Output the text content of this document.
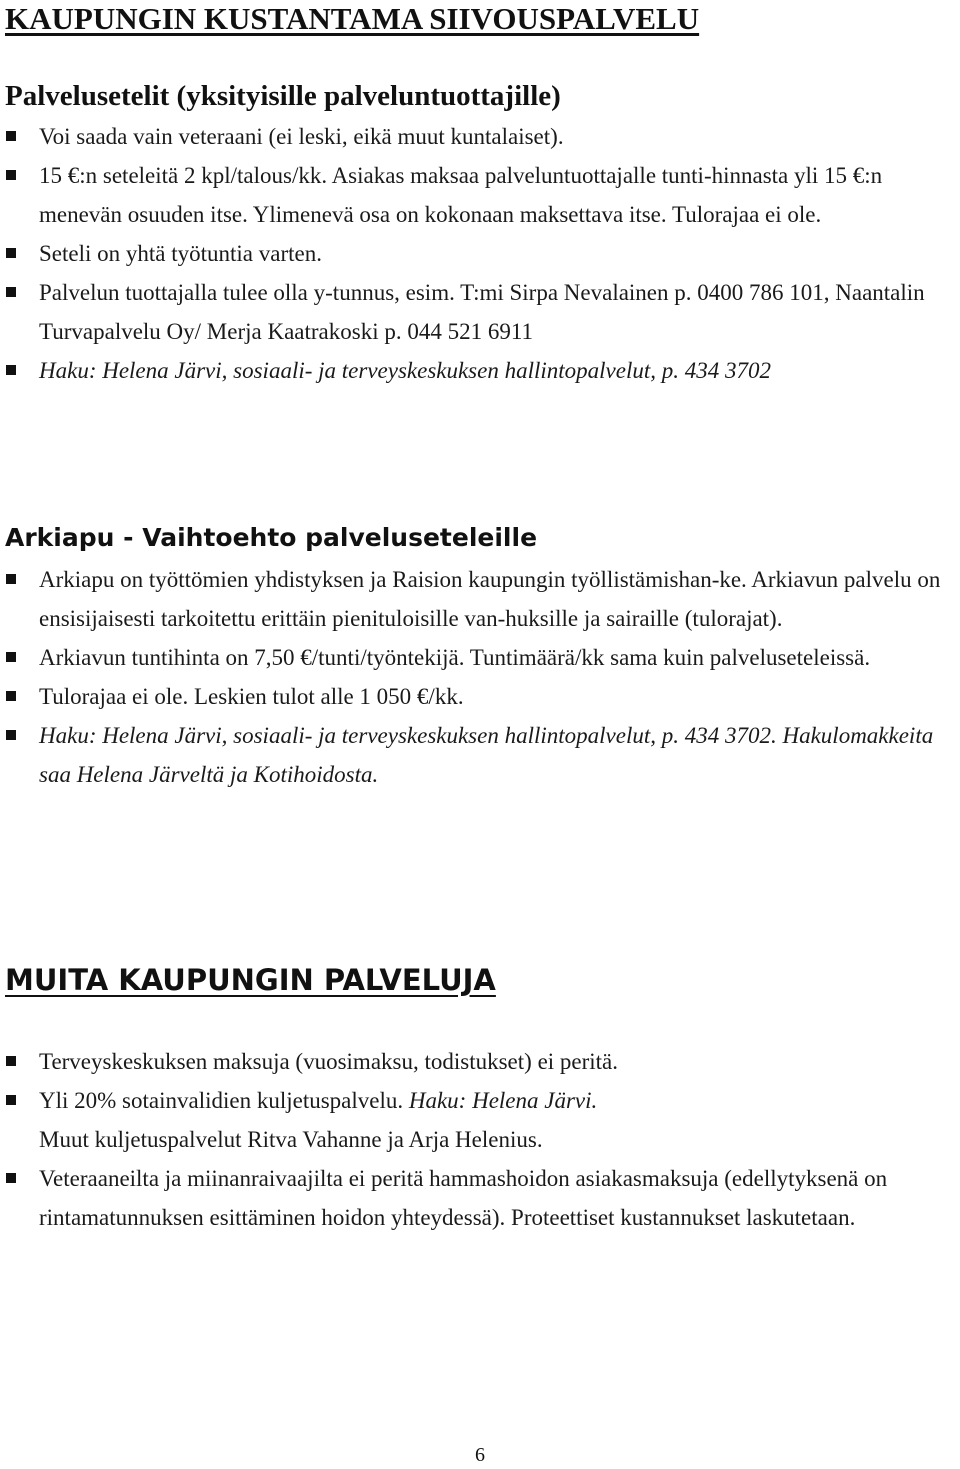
KAUPUNGIN KUSTANTAMA SIIVOUSPALVELU
Palvelusetelit (yksityisille palveluntuottajille)
Voi saada vain veteraani (ei leski, eikä muut kuntalaiset).
15 €:n seteleitä 2 kpl/talous/kk. Asiakas maksaa palveluntuottajalle tunti-hinnasta yli 15 €:n menevän osuuden itse. Ylimenevä osa on kokonaan maksettava itse. Tulorajaa ei ole.
Seteli on yhtä työtuntia varten.
Palvelun tuottajalla tulee olla y-tunnus, esim. T:mi Sirpa Nevalainen p. 0400 786 101, Naantalin Turvapalvelu Oy/ Merja Kaatrakoski p. 044 521 6911
Haku: Helena Järvi, sosiaali- ja terveyskeskuksen hallintopalvelut, p. 434 3702
Arkiapu - Vaihtoehto palveluseteleille
Arkiapu on työttömien yhdistyksen ja Raision kaupungin työllistämishan-ke. Arkiavun palvelu on ensisijaisesti tarkoitettu erittäin pienituloisille van-huksille ja sairaille (tulorajat).
Arkiavun tuntihinta on 7,50 €/tunti/työntekijä. Tuntimäärä/kk sama kuin palveluseteleissä.
Tulorajaa ei ole. Leskien tulot alle 1 050 €/kk.
Haku: Helena Järvi, sosiaali- ja terveyskeskuksen hallintopalvelut, p. 434 3702. Hakulomakkeita saa Helena Järveltä ja Kotihoidosta.
MUITA KAUPUNGIN PALVELUJA
Terveyskeskuksen maksuja (vuosimaksu, todistukset) ei peritä.
Yli 20% sotainvalidien kuljetuspalvelu. Haku: Helena Järvi.
Muut kuljetuspalvelut Ritva Vahanne ja Arja Helenius.
Veteraaneilta ja miinanraivaajilta ei peritä hammashoidon asiakasmaksuja (edellytyksenä on rintamatunnuksen esittäminen hoidon yhteydessä). Proteettiset kustannukset laskutetaan.
6
